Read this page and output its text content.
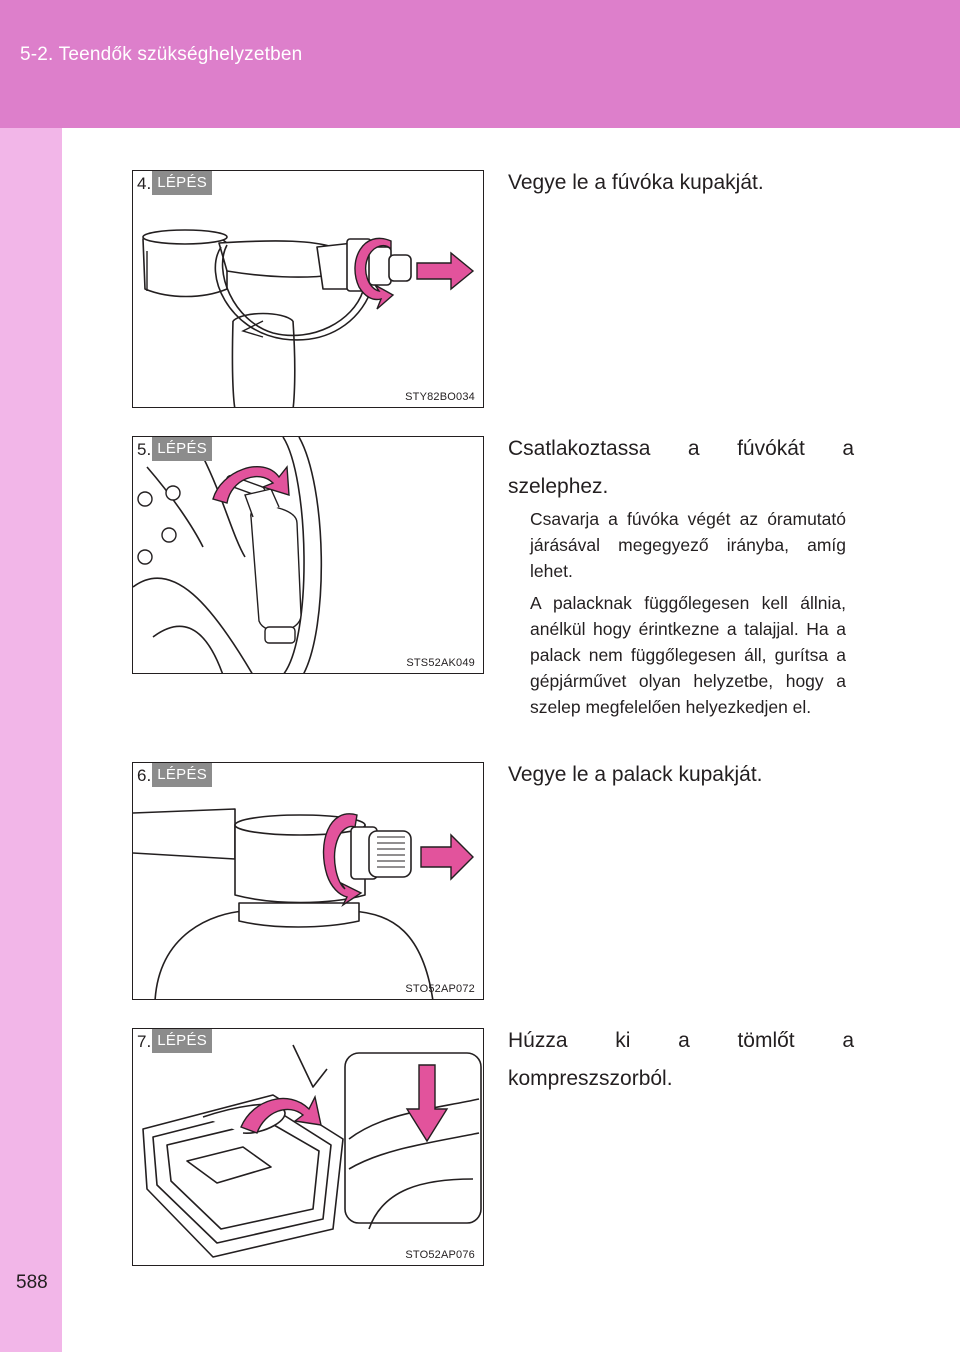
5-2. Teendők szükséghelyzetben
588
4. LÉPÉS
STY82BO034
Vegye le a fúvóka kupakját.
5. LÉPÉS
STS52AK049
Csatlakoztassa a fúvókát a szelephez.
Csavarja a fúvóka végét az óramutató járásával megegyező irányba, amíg lehet.
A palacknak függőlegesen kell állnia, anélkül hogy érintkezne a talajjal. Ha a palack nem függőlegesen áll, gurítsa a gépjárművet olyan helyzetbe, hogy a szelep megfelelően helyezkedjen el.
6. LÉPÉS
STO52AP072
Vegye le a palack kupakját.
7. LÉPÉS
STO52AP076
Húzza ki a tömlőt a kompreszszorból.
